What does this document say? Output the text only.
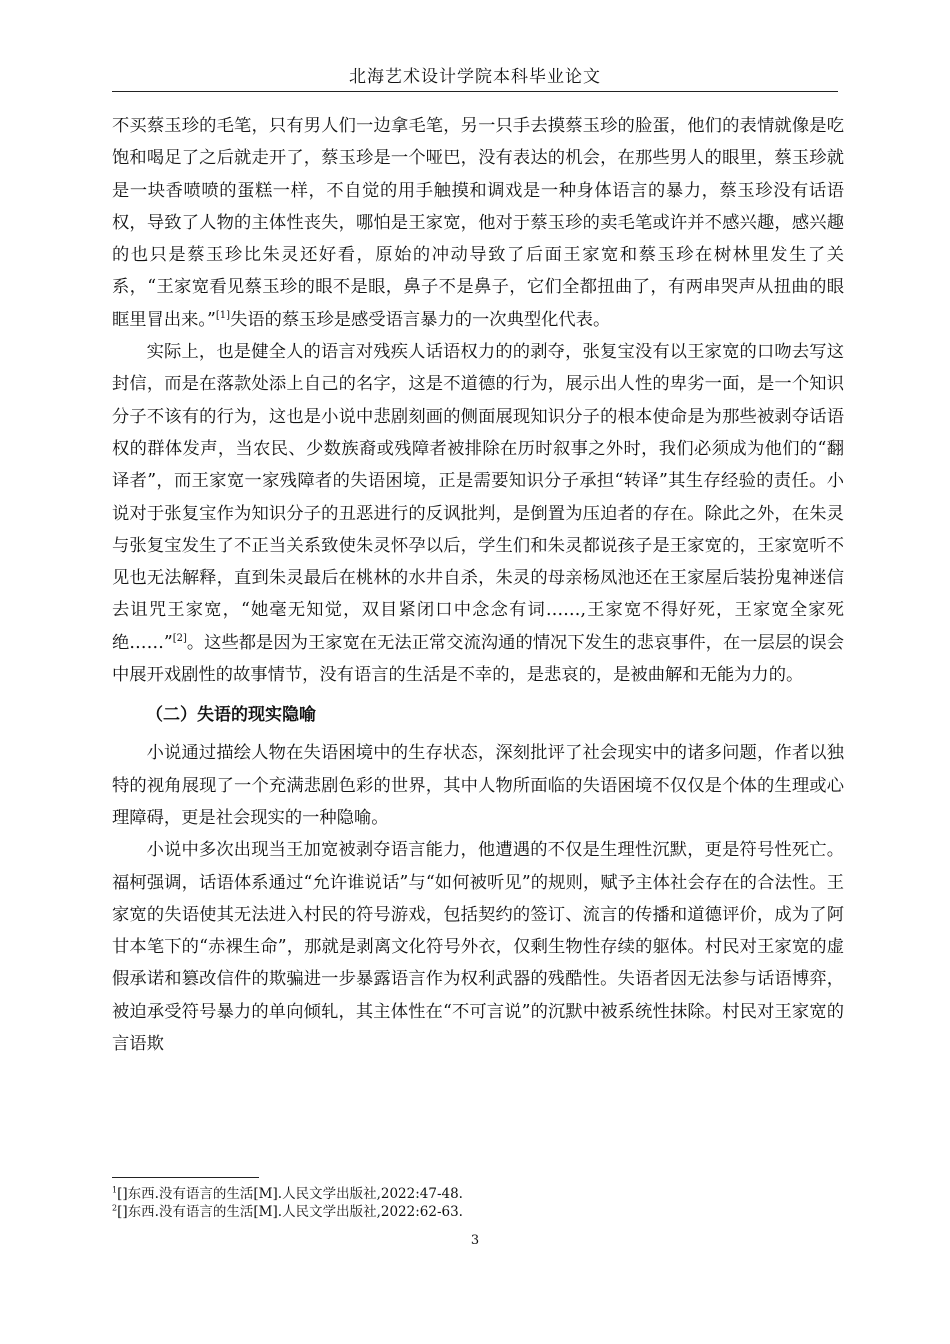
北海艺术设计学院本科毕业论文

不买蔡玉珍的毛笔，只有男人们一边拿毛笔，另一只手去摸蔡玉珍的脸蛋，他们的表情就像是吃饱和喝足了之后就走开了，蔡玉珍是一个哑巴，没有表达的机会，在那些男人的眼里，蔡玉珍就是一块香喷喷的蛋糕一样，不自觉的用手触摸和调戏是一种身体语言的暴力，蔡玉珍没有话语权，导致了人物的主体性丧失，哪怕是王家宽，他对于蔡玉珍的卖毛笔或许并不感兴趣，感兴趣的也只是蔡玉珍比朱灵还好看，原始的冲动导致了后面王家宽和蔡玉珍在树林里发生了关系，“王家宽看见蔡玉珍的眼不是眼，鼻子不是鼻子，它们全都扭曲了，有两串哭声从扭曲的眼眶里冒出来。”[1]失语的蔡玉珍是感受语言暴力的一次典型化代表。

实际上，也是健全人的语言对残疾人话语权力的的剥夺，张复宝没有以王家宽的口吻去写这封信，而是在落款处添上自己的名字，这是不道德的行为，展示出人性的卑劣一面，是一个知识分子不该有的行为，这也是小说中悲剧刻画的侧面展现知识分子的根本使命是为那些被剥夺话语权的群体发声，当农民、少数族裔或残障者被排除在历时叙事之外时，我们必须成为他们的“翻译者”，而王家宽一家残障者的失语困境，正是需要知识分子承担“转译”其生存经验的责任。小说对于张复宝作为知识分子的丑恶进行的反讽批判，是倒置为压迫者的存在。除此之外，在朱灵与张复宝发生了不正当关系致使朱灵怀孕以后，学生们和朱灵都说孩子是王家宽的，王家宽听不见也无法解释，直到朱灵最后在桃林的水井自杀，朱灵的母亲杨凤池还在王家屋后装扮鬼神迷信去诅咒王家宽，“她毫无知觉，双目紧闭口中念念有词……,王家宽不得好死，王家宽全家死绝……”[2]。这些都是因为王家宽在无法正常交流沟通的情况下发生的悲哀事件，在一层层的误会中展开戏剧性的故事情节，没有语言的生活是不幸的，是悲哀的，是被曲解和无能为力的。

（二）失语的现实隐喻

小说通过描绘人物在失语困境中的生存状态，深刻批评了社会现实中的诸多问题，作者以独特的视角展现了一个充满悲剧色彩的世界，其中人物所面临的失语困境不仅仅是个体的生理或心理障碍，更是社会现实的一种隐喻。

小说中多次出现当王加宽被剥夺语言能力，他遭遇的不仅是生理性沉默，更是符号性死亡。福柯强调，话语体系通过“允许谁说话”与“如何被听见”的规则，赋予主体社会存在的合法性。王家宽的失语使其无法进入村民的符号游戏，包括契约的签订、流言的传播和道德评价，成为了阿甘本笔下的“赤裸生命”，那就是剥离文化符号外衣，仅剩生物性存续的躯体。村民对王家宽的虚假承诺和篡改信件的欺骗进一步暴露语言作为权利武器的残酷性。失语者因无法参与话语博弈，被迫承受符号暴力的单向倾轧，其主体性在“不可言说”的沉默中被系统性抹除。村民对王家宽的言语欺

$^1$[]东西.没有语言的生活[M].人民文学出版社,2022:47-48.

$^2$[]东西.没有语言的生活[M].人民文学出版社,2022:62-63.

3
